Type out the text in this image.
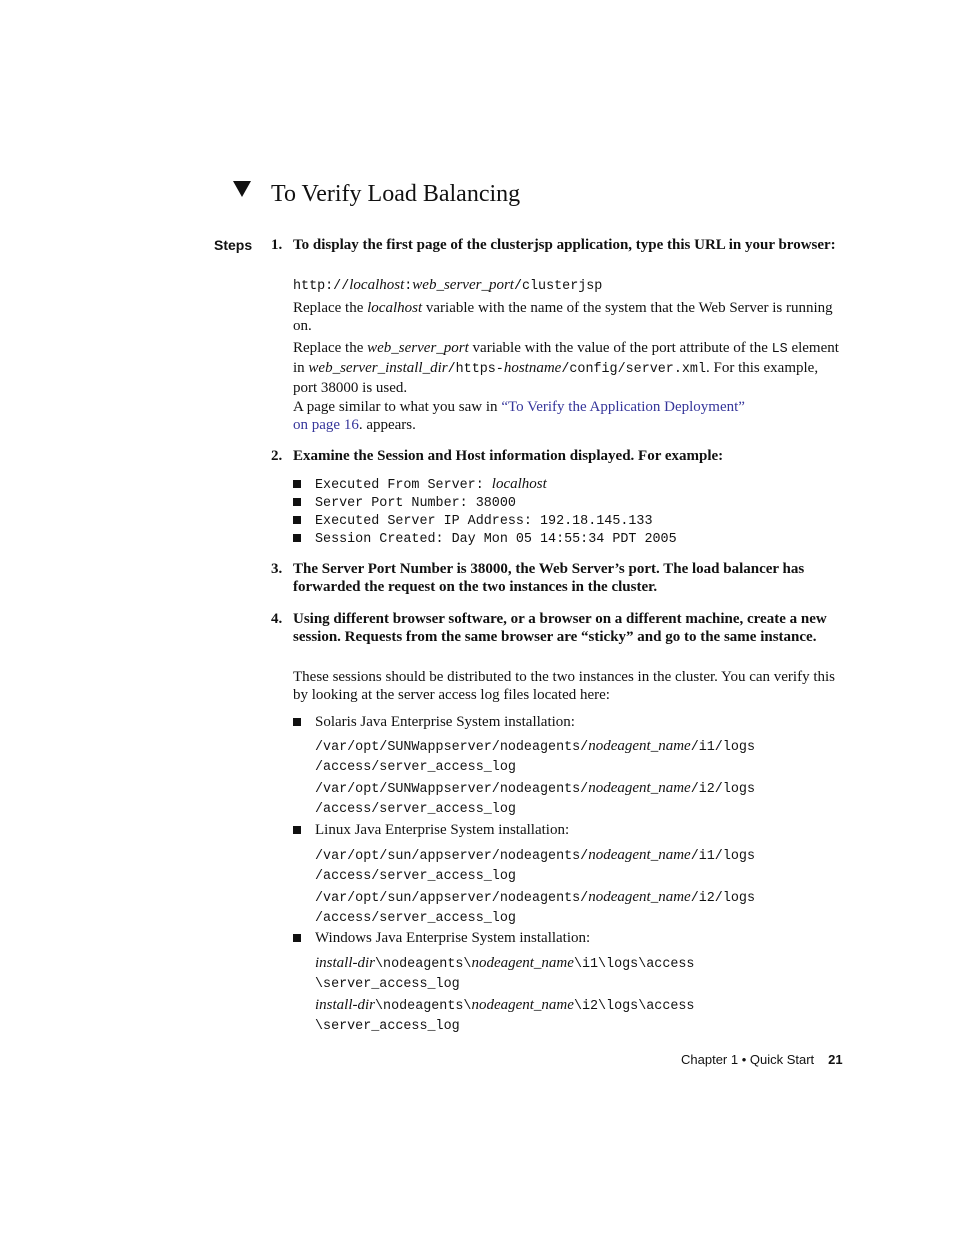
To Verify Load Balancing
Steps 1. To display the first page of the clusterjsp application, type this URL in your browser:
http://localhost:web_server_port/clusterjsp
Replace the localhost variable with the name of the system that the Web Server is running on.
Replace the web_server_port variable with the value of the port attribute of the LS element in web_server_install_dir/https-hostname/config/server.xml. For this example, port 38000 is used.
A page similar to what you saw in “To Verify the Application Deployment”
on page 16. appears.
2. Examine the Session and Host information displayed. For example:
Executed From Server: localhost
Server Port Number: 38000
Executed Server IP Address: 192.18.145.133
Session Created: Day Mon 05 14:55:34 PDT 2005
3. The Server Port Number is 38000, the Web Server’s port. The load balancer has forwarded the request on the two instances in the cluster.
4. Using different browser software, or a browser on a different machine, create a new session. Requests from the same browser are “sticky” and go to the same instance.
These sessions should be distributed to the two instances in the cluster. You can verify this by looking at the server access log files located here:
Solaris Java Enterprise System installation:
/var/opt/SUNWappserver/nodeagents/nodeagent_name/i1/logs
/access/server_access_log
/var/opt/SUNWappserver/nodeagents/nodeagent_name/i2/logs
/access/server_access_log
Linux Java Enterprise System installation:
/var/opt/sun/appserver/nodeagents/nodeagent_name/i1/logs
/access/server_access_log
/var/opt/sun/appserver/nodeagents/nodeagent_name/i2/logs
/access/server_access_log
Windows Java Enterprise System installation:
install-dir\nodeagents\nodeagent_name\i1\logs\access
\server_access_log
install-dir\nodeagents\nodeagent_name\i2\logs\access
\server_access_log
Chapter 1 • Quick Start 21
